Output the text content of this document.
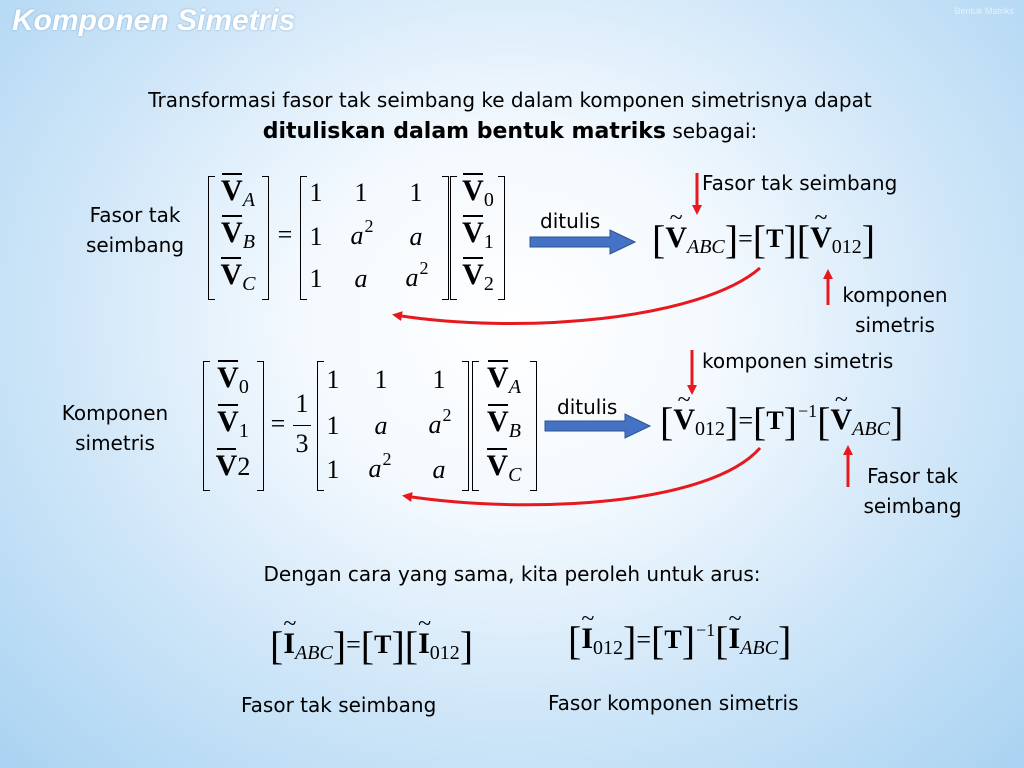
Komponen Simetris	Bentuk Matriks
Transformasi fasor tak seimbang ke dalam komponen simetrisnya dapat
dituliskan dalam bentuk matriks sebagai:
Fasor tak
seimbang
Komponen
simetris
VA
VB
VC
=
1 1 1
1	$a^2$	a
1 a	$a^2$
V0
V1
V2
V0
V1
V2
=
1
3
1 1 1
1 a	$a^2$
1	$a^2$	a
VA
VB
VC
ditulis
ditulis
[~ VABC]=[T][~ V012]
[~ $V012]=[T]^{-1}[\sim$ VABC]
Fasor tak seimbang
komponen
simetris
komponen simetris
Fasor tak
seimbang
Dengan cara yang sama, kita peroleh untuk arus:
[~ IABC]=[T][~ I012] [~ $I012]=[T]^{-1}[\sim$ IABC]
Fasor tak seimbang	Fasor komponen simetris
